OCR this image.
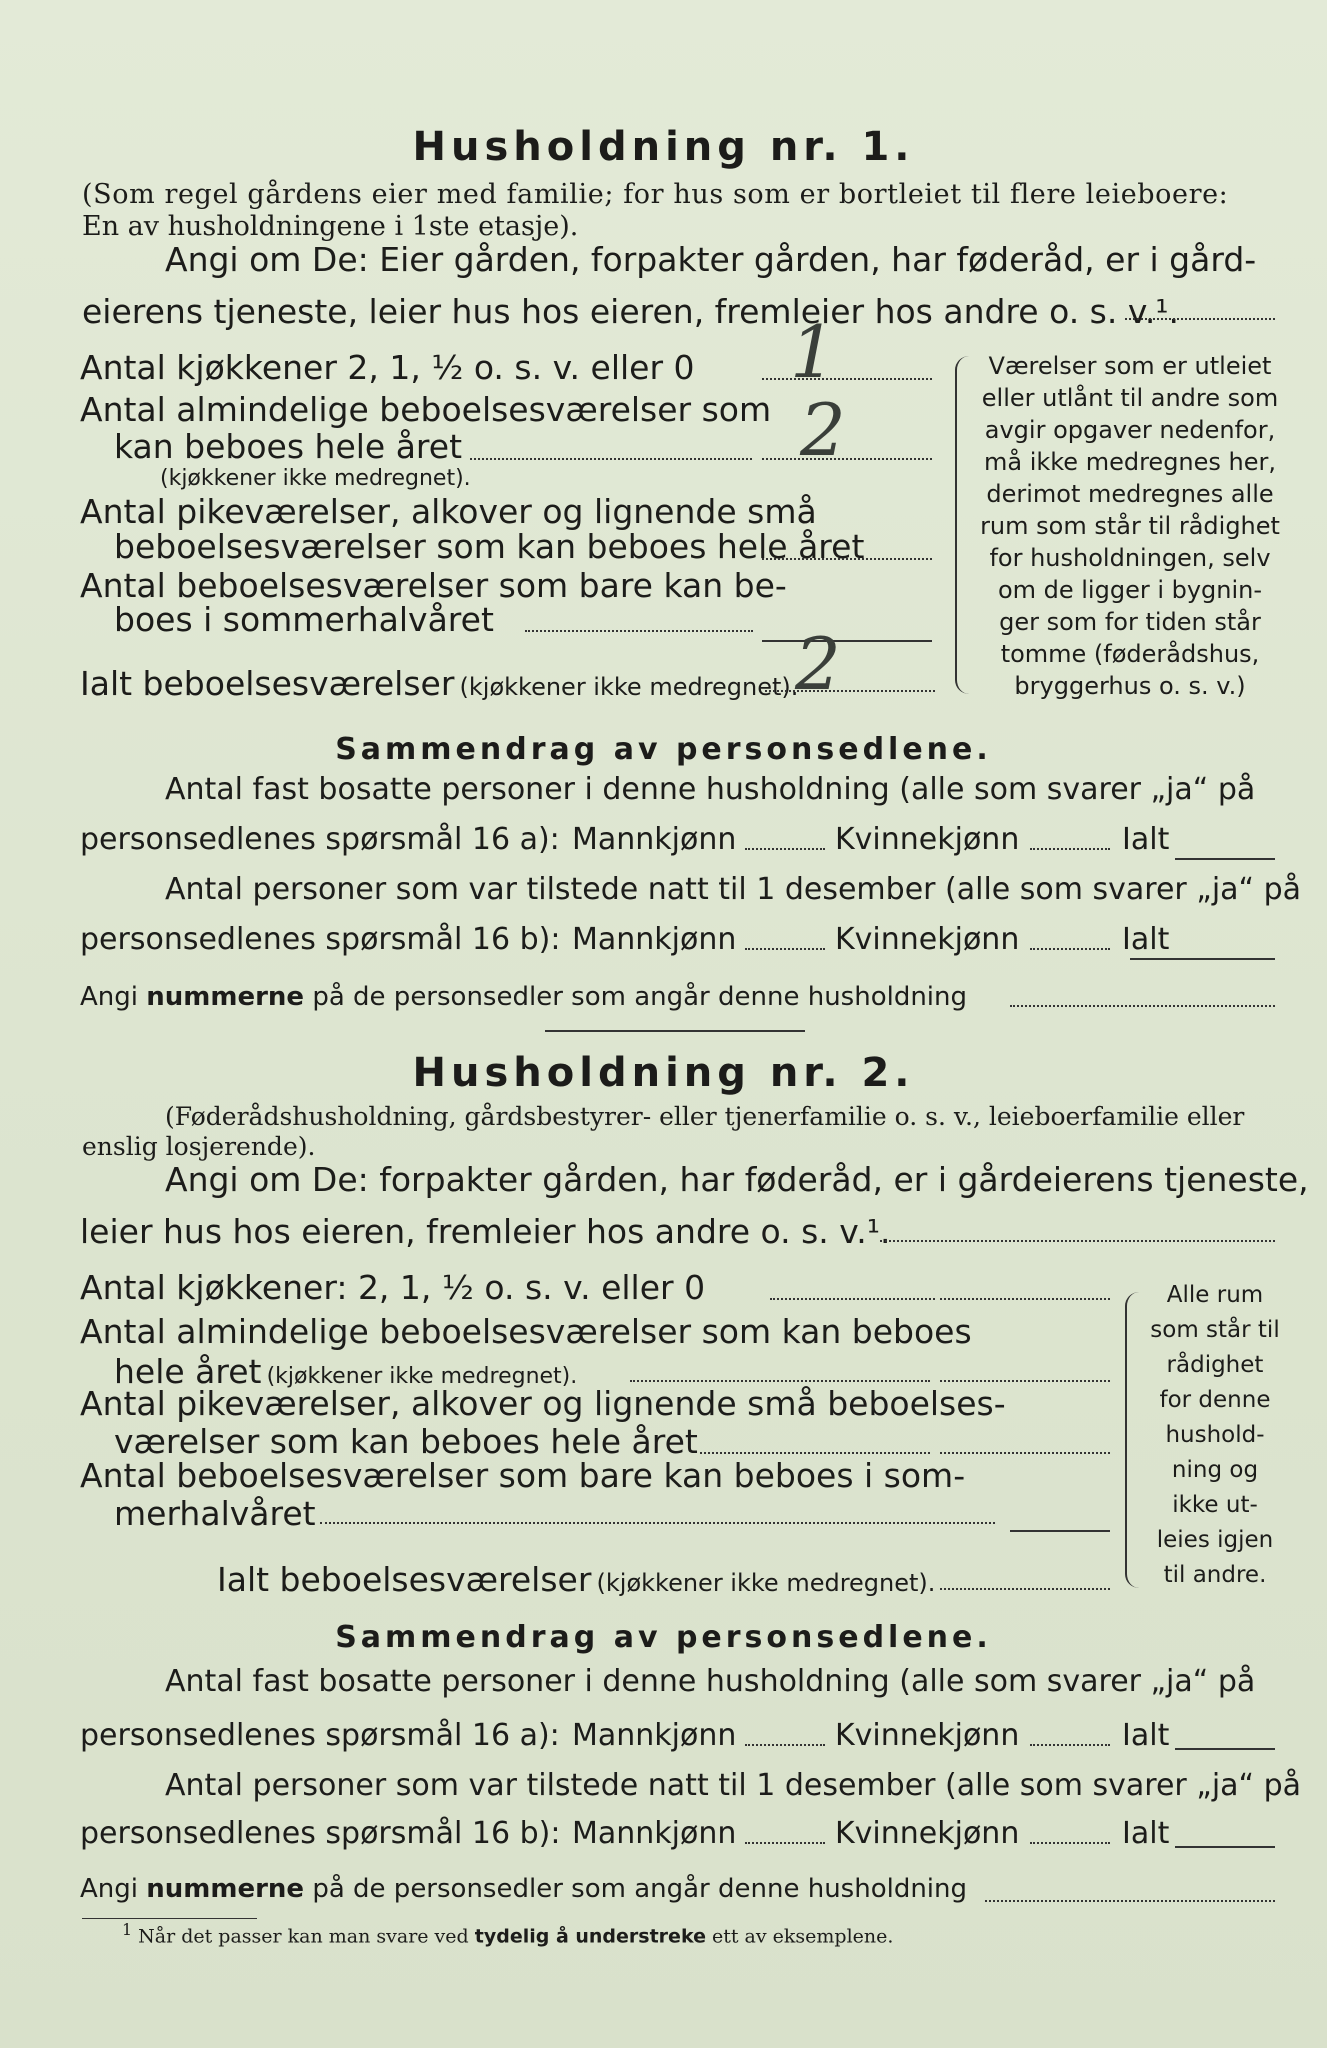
Husholdning nr. 1.
(Som regel gårdens eier med familie; for hus som er bortleiet til flere leieboere:
En av husholdningene i 1ste etasje).
Angi om De: Eier gården, forpakter gården, har føderåd, er i gård-
eierens tjeneste, leier hus hos eieren, fremleier hos andre o. s. v.¹.
Antal kjøkkener 2, 1, ½ o. s. v. eller 0 1
Antal almindelige beboelsesværelser som
kan beboes hele året	2
(kjøkkener ikke medregnet).
Antal pikeværelser, alkover og lignende små
beboelsesværelser som kan beboes hele året
Antal beboelsesværelser som bare kan be-
boes i sommerhalvåret
Ialt beboelsesværelser (kjøkkener ikke medregnet).
2
Værelser som er utleiet
eller utlånt til andre som
avgir opgaver nedenfor,
må ikke medregnes her,
derimot medregnes alle
rum som står til rådighet
for husholdningen, selv
om de ligger i bygnin-
ger som for tiden står
tomme (føderådshus,
bryggerhus o. s. v.)
Sammendrag av personsedlene.
Antal fast bosatte personer i denne husholdning (alle som svarer „ja“ på
personsedlenes spørsmål 16 a): Mannkjønn	Kvinnekjønn	Ialt
Antal personer som var tilstede natt til 1 desember (alle som svarer „ja“ på
personsedlenes spørsmål 16 b): Mannkjønn	Kvinnekjønn	Ialt
Angi nummerne på de personsedler som angår denne husholdning
Husholdning nr. 2.
(Føderådshusholdning, gårdsbestyrer- eller tjenerfamilie o. s. v., leieboerfamilie eller
enslig losjerende).
Angi om De: forpakter gården, har føderåd, er i gårdeierens tjeneste,
leier hus hos eieren, fremleier hos andre o. s. v.¹.
Antal kjøkkener: 2, 1, ½ o. s. v. eller 0
Antal almindelige beboelsesværelser som kan beboes
hele året (kjøkkener ikke medregnet).
Antal pikeværelser, alkover og lignende små beboelses-
værelser som kan beboes hele året
Antal beboelsesværelser som bare kan beboes i som-
merhalvåret
Ialt beboelsesværelser (kjøkkener ikke medregnet).
Alle rum
som står til
rådighet
for denne
hushold-
ning og
ikke ut-
leies igjen
til andre.
Sammendrag av personsedlene.
Antal fast bosatte personer i denne husholdning (alle som svarer „ja“ på
personsedlenes spørsmål 16 a): Mannkjønn	Kvinnekjønn	Ialt
Antal personer som var tilstede natt til 1 desember (alle som svarer „ja“ på
personsedlenes spørsmål 16 b): Mannkjønn	Kvinnekjønn	Ialt
Angi nummerne på de personsedler som angår denne husholdning
$^1$ Når det passer kan man svare ved tydelig å understreke ett av eksemplene.
